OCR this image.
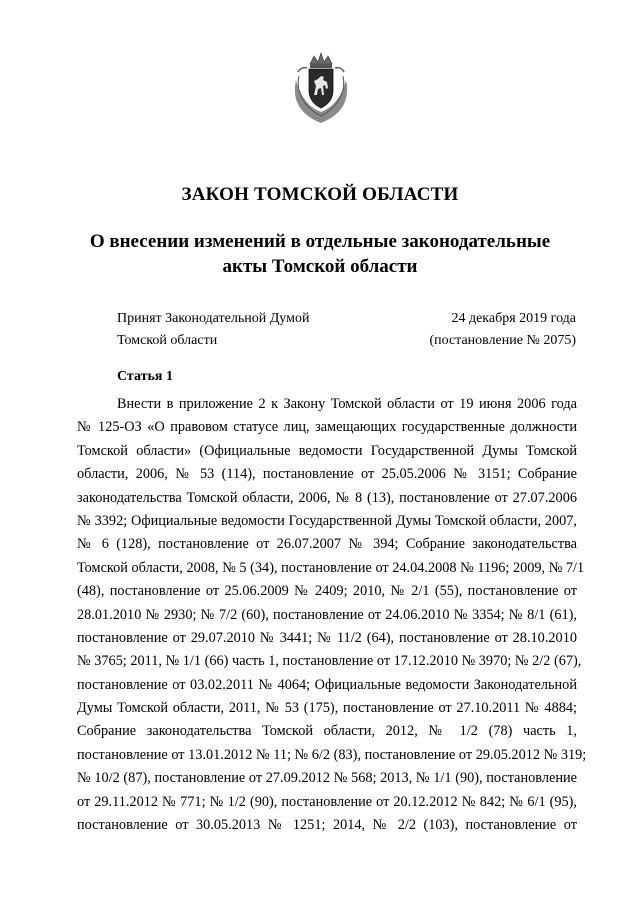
ЗАКОН ТОМСКОЙ ОБЛАСТИ
О внесении изменений в отдельные законодательные
акты Томской области
Принят Законодательной Думой
Томской области
24 декабря 2019 года
(постановление № 2075)
Статья 1
Внести в приложение 2 к Закону Томской области от 19 июня 2006 года
№ 125-ОЗ «О правовом статусе лиц, замещающих государственные должности
Томской области» (Официальные ведомости Государственной Думы Томской
области, 2006, № 53 (114), постановление от 25.05.2006 № 3151; Собрание
законодательства Томской области, 2006, № 8 (13), постановление от 27.07.2006
№ 3392; Официальные ведомости Государственной Думы Томской области, 2007,
№ 6 (128), постановление от 26.07.2007 № 394; Собрание законодательства
Томской области, 2008, № 5 (34), постановление от 24.04.2008 № 1196; 2009, № 7/1
(48), постановление от 25.06.2009 № 2409; 2010, № 2/1 (55), постановление от
28.01.2010 № 2930; № 7/2 (60), постановление от 24.06.2010 № 3354; № 8/1 (61),
постановление от 29.07.2010 № 3441; № 11/2 (64), постановление от 28.10.2010
№ 3765; 2011, № 1/1 (66) часть 1, постановление от 17.12.2010 № 3970; № 2/2 (67),
постановление от 03.02.2011 № 4064; Официальные ведомости Законодательной
Думы Томской области, 2011, № 53 (175), постановление от 27.10.2011 № 4884;
Собрание законодательства Томской области, 2012, № 1/2 (78) часть 1,
постановление от 13.01.2012 № 11; № 6/2 (83), постановление от 29.05.2012 № 319;
№ 10/2 (87), постановление от 27.09.2012 № 568; 2013, № 1/1 (90), постановление
от 29.11.2012 № 771; № 1/2 (90), постановление от 20.12.2012 № 842; № 6/1 (95),
постановление от 30.05.2013 № 1251; 2014, № 2/2 (103), постановление от
